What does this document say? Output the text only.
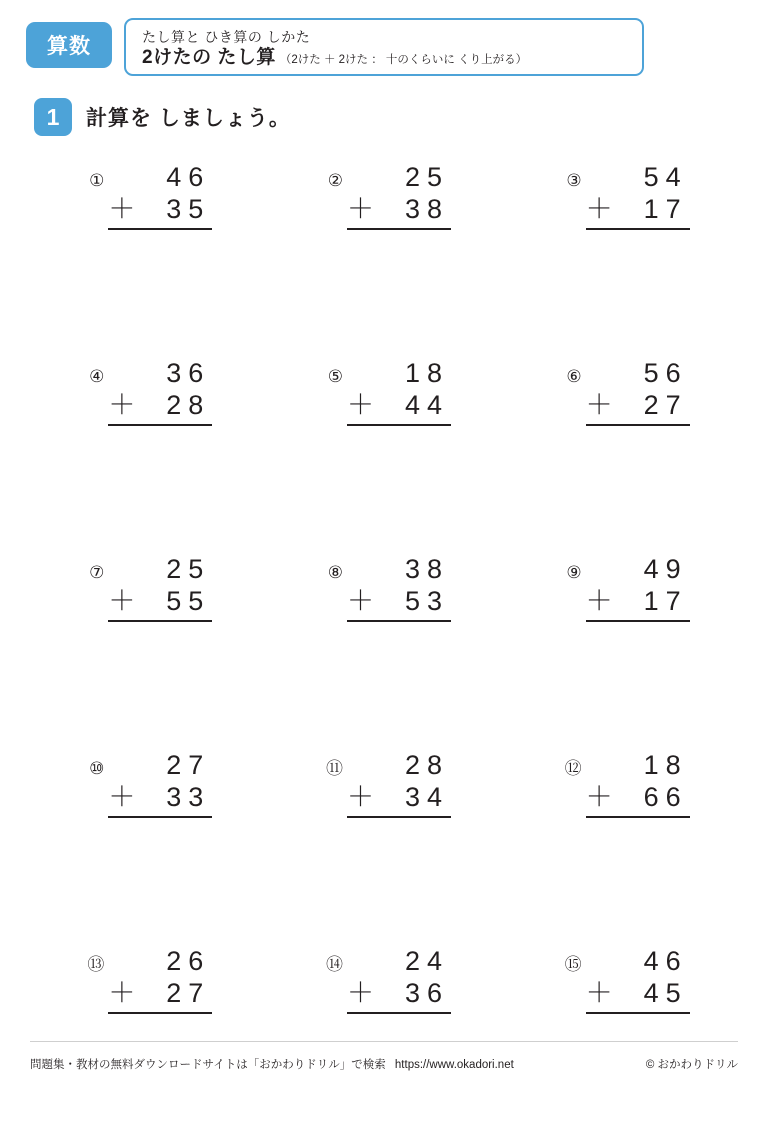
算数	たし算と ひき算の しかた
2けたの たし算 （2けた ＋ 2けた ： 十のくらいに くり上がる）
1	計算を しましょう。
①	46
＋ 35
②	25
＋ 38
③	54
＋ 17
④	36
＋ 28
⑤	18
＋ 44
⑥	56
＋ 27
⑦	25
＋ 55
⑧	38
＋ 53
⑨	49
＋ 17
⑩	27
＋ 33
⑪	28
＋ 34
⑫	18
＋ 66
⑬	26
＋ 27
⑭	24
＋ 36
⑮	46
＋ 45
問題集・教材の無料ダウンロードサイトは「おかわりドリル」で検索 https://www.okadori.net	© おかわりドリル
